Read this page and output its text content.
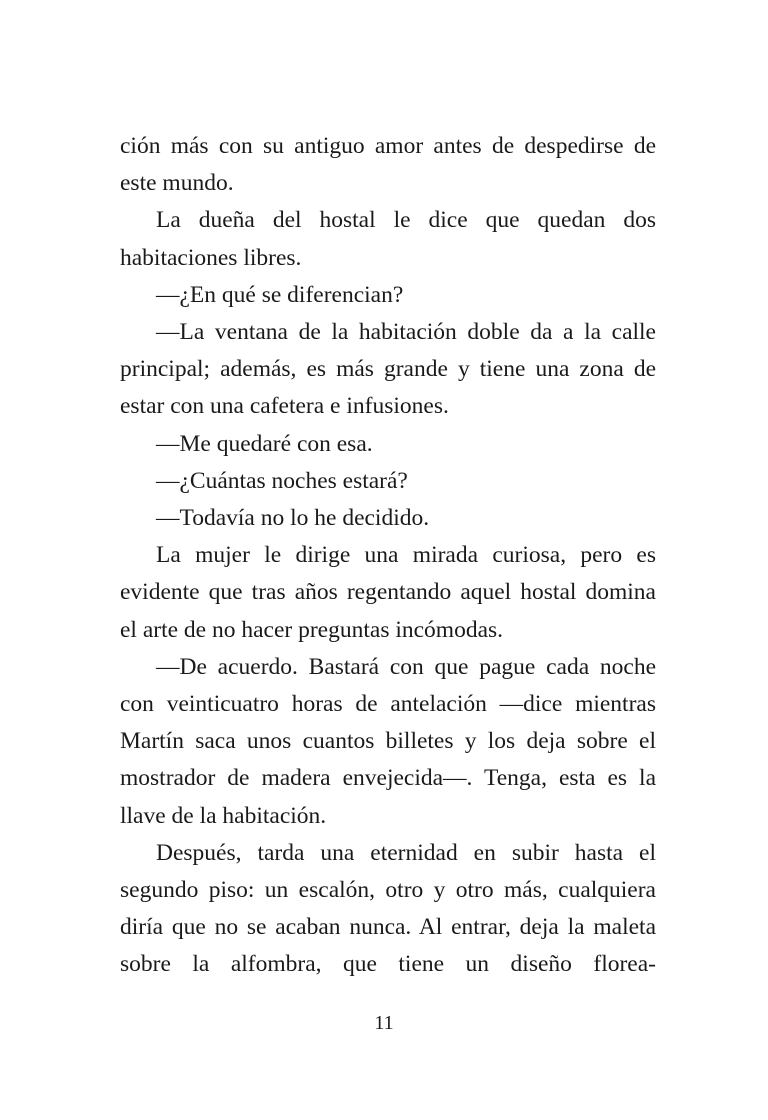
ción más con su antiguo amor antes de despedirse de este mundo.

La dueña del hostal le dice que quedan dos habitaciones libres.

—¿En qué se diferencian?

—La ventana de la habitación doble da a la calle principal; además, es más grande y tiene una zona de estar con una cafetera e infusiones.

—Me quedaré con esa.

—¿Cuántas noches estará?

—Todavía no lo he decidido.

La mujer le dirige una mirada curiosa, pero es evidente que tras años regentando aquel hostal domina el arte de no hacer preguntas incómodas.

—De acuerdo. Bastará con que pague cada noche con veinticuatro horas de antelación —dice mientras Martín saca unos cuantos billetes y los deja sobre el mostrador de madera envejecida—. Tenga, esta es la llave de la habitación.

Después, tarda una eternidad en subir hasta el segundo piso: un escalón, otro y otro más, cualquiera diría que no se acaban nunca. Al entrar, deja la maleta sobre la alfombra, que tiene un diseño florea-

11
